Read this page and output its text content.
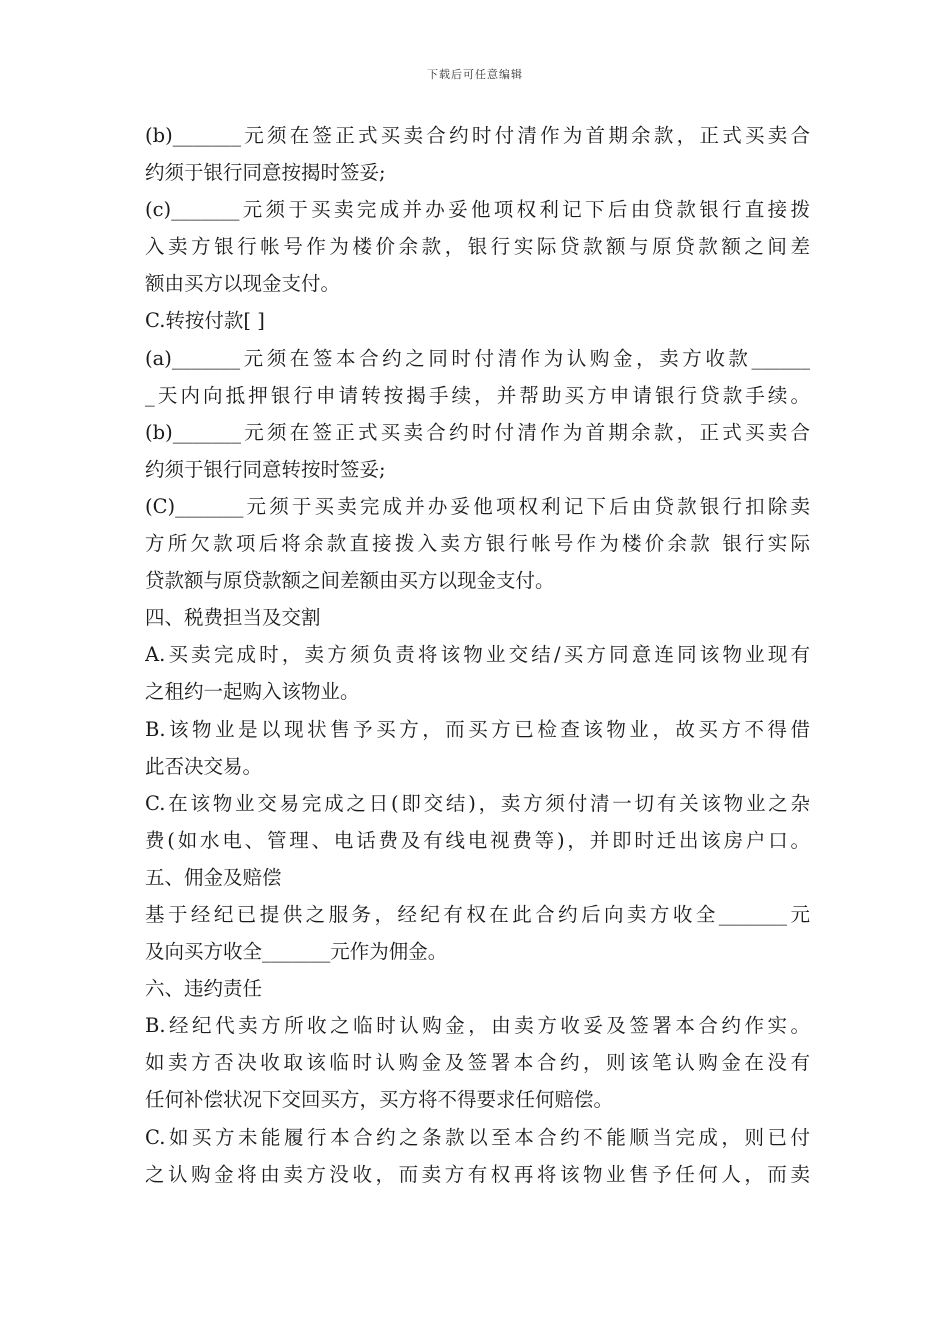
下载后可任意编辑
(b)_______元须在签正式买卖合约时付清作为首期余款，正式买卖合
约须于银行同意按揭时签妥;
(c)_______元须于买卖完成并办妥他项权利记下后由贷款银行直接拨
入卖方银行帐号作为楼价余款，银行实际贷款额与原贷款额之间差
额由买方以现金支付。
C.转按付款[ ]
(a)_______元须在签本合约之同时付清作为认购金，卖方收款______
_天内向抵押银行申请转按揭手续，并帮助买方申请银行贷款手续。
(b)_______元须在签正式买卖合约时付清作为首期余款，正式买卖合
约须于银行同意转按时签妥;
(C)_______元须于买卖完成并办妥他项权利记下后由贷款银行扣除卖
方所欠款项后将余款直接拨入卖方银行帐号作为楼价余款 银行实际
贷款额与原贷款额之间差额由买方以现金支付。
四、税费担当及交割
A.买卖完成时，卖方须负责将该物业交结/买方同意连同该物业现有
之租约一起购入该物业。
B.该物业是以现状售予买方，而买方已检查该物业，故买方不得借
此否决交易。
C.在该物业交易完成之日(即交结)，卖方须付清一切有关该物业之杂
费(如水电、管理、电话费及有线电视费等)，并即时迁出该房户口。
五、佣金及赔偿
基于经纪已提供之服务，经纪有权在此合约后向卖方收全_______元
及向买方收全_______元作为佣金。
六、违约责任
B.经纪代卖方所收之临时认购金，由卖方收妥及签署本合约作实。
如卖方否决收取该临时认购金及签署本合约，则该笔认购金在没有
任何补偿状况下交回买方，买方将不得要求任何赔偿。
C.如买方未能履行本合约之条款以至本合约不能顺当完成，则已付
之认购金将由卖方没收，而卖方有权再将该物业售予任何人，而卖
